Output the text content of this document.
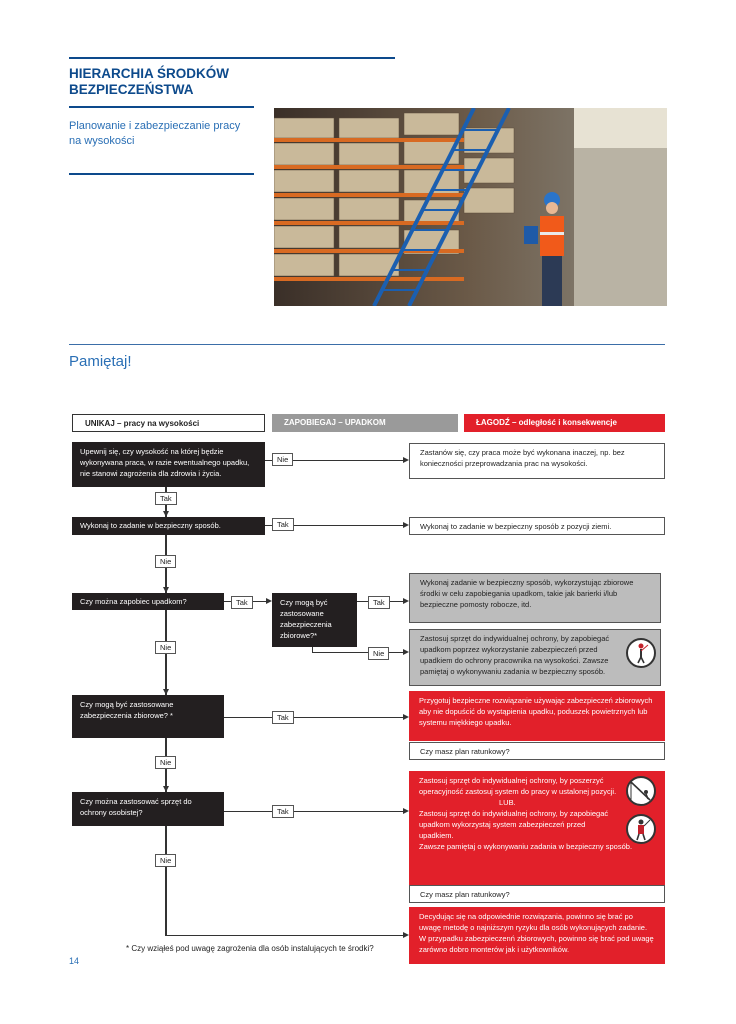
HIERARCHIA ŚRODKÓW
BEZPIECZEŃSTWA
Planowanie i zabezpieczanie pracy
na wysokości
Pamiętaj!
UNIKAJ – pracy na wysokości	ZAPOBIEGAJ – UPADKOM	ŁAGODŹ – odległość i konsekwencje
Upewnij się, czy wysokość na której będzie wykonywana praca, w razie ewentualnego upadku, nie stanowi zagrożenia dla zdrowia i życia.
Nie
Zastanów się, czy praca może być wykonana inaczej, np. bez konieczności przeprowadzania prac na wysokości.
Tak
Wykonaj to zadanie w bezpieczny sposób.	Tak	Wykonaj to zadanie w bezpieczny sposób z pozycji ziemi.
Nie
Czy można zapobiec upadkom?	Tak	Czy mogą być zastosowane zabezpieczenia zbiorowe?*
Tak
Wykonaj zadanie w bezpieczny sposób, wykorzystując zbiorowe środki w celu zapobiegania upadkom, takie jak barierki i/lub bezpieczne pomosty robocze, itd.
Nie
Zastosuj sprzęt do indywidualnej ochrony, by zapobiegać upadkom poprzez wykorzystanie zabezpieczeń przed upadkiem do ochrony pracownika na wysokości. Zawsze pamiętaj o wykonywaniu zadania w bezpieczny sposób.
Nie
Czy mogą być zastosowane zabezpieczenia zbiorowe? *	Tak
Przygotuj bezpieczne rozwiązanie używając zabezpieczeń zbiorowych aby nie dopuścić do wystąpienia upadku, poduszek powietrznych lub systemu miękkiego upadku.
Czy masz plan ratunkowy?
Nie
Czy można zastosować sprzęt do ochrony osobistej?	Tak
Zastosuj sprzęt do indywidualnej ochrony, by poszerzyć operacyjność zastosuj system do pracy w ustalonej pozycji.
LUB.
Zastosuj sprzęt do indywidualnej ochrony, by zapobiegać upadkom wykorzystaj system zabezpieczeń przed upadkiem.
Zawsze pamiętaj o wykonywaniu zadania w bezpieczny sposób.
Czy masz plan ratunkowy?
Nie
Decydując się na odpowiednie rozwiązania, powinno się brać po uwagę metodę o najniższym ryzyku dla osób wykonujących zadanie. W przypadku zabezpieczenń zbiorowych, powinno się brać pod uwagę zarówno dobro monterów jak i użytkowników.
* Czy wziąłeś pod uwagę zagrożenia dla osób instalujących te środki?
14
